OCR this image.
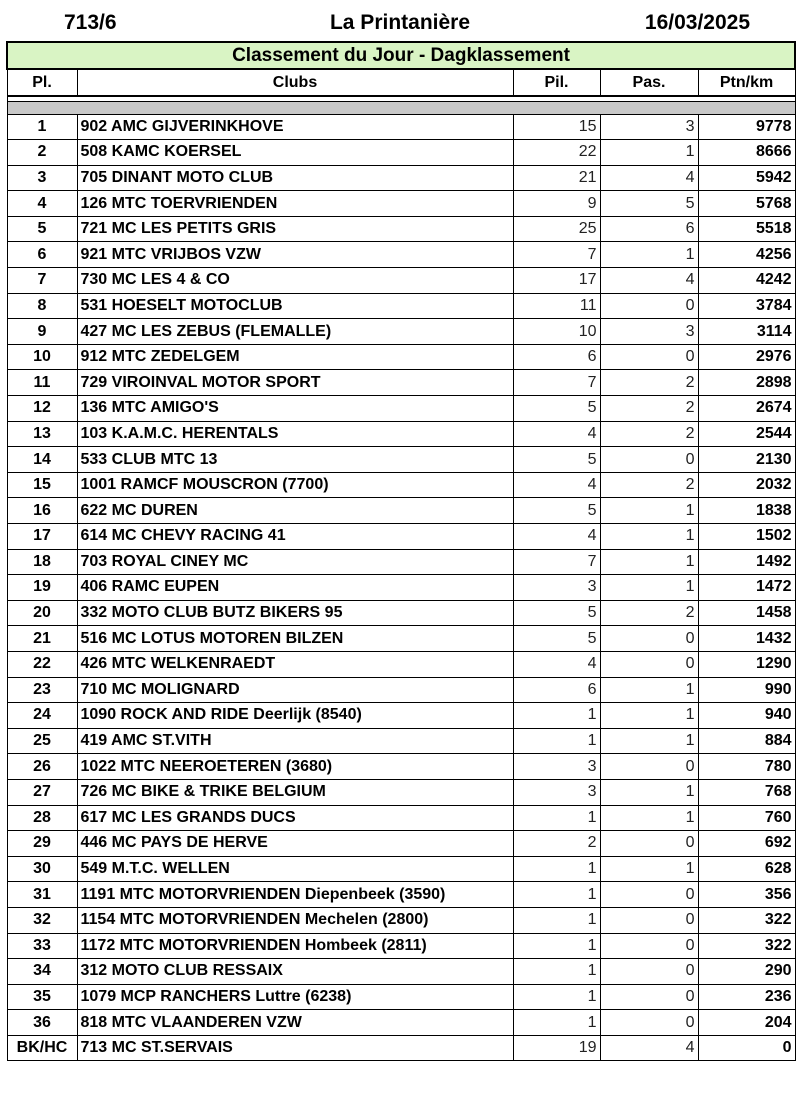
La Printanière
713/6	16/03/2025
Classement du Jour - Dagklassement				
Pl.	Clubs	Pil.	Pas.	Ptn/km

1	902 AMC GIJVERINKHOVE	15	3	9778
2	508 KAMC KOERSEL	22	1	8666
3	705 DINANT MOTO CLUB	21	4	5942
4	126 MTC TOERVRIENDEN	9	5	5768
5	721 MC LES PETITS GRIS	25	6	5518
6	921 MTC VRIJBOS VZW	7	1	4256
7	730 MC LES 4 & CO	17	4	4242
8	531 HOESELT MOTOCLUB	11	0	3784
9	427 MC LES ZEBUS (FLEMALLE)	10	3	3114
10	912 MTC ZEDELGEM	6	0	2976
11	729 VIROINVAL MOTOR SPORT	7	2	2898
12	136 MTC AMIGO'S	5	2	2674
13	103 K.A.M.C. HERENTALS	4	2	2544
14	533 CLUB MTC 13	5	0	2130
15	1001 RAMCF MOUSCRON (7700)	4	2	2032
16	622 MC DUREN	5	1	1838
17	614 MC CHEVY RACING 41	4	1	1502
18	703 ROYAL CINEY MC	7	1	1492
19	406 RAMC EUPEN	3	1	1472
20	332 MOTO CLUB BUTZ BIKERS 95	5	2	1458
21	516 MC LOTUS MOTOREN BILZEN	5	0	1432
22	426 MTC WELKENRAEDT	4	0	1290
23	710 MC MOLIGNARD	6	1	990
24	1090 ROCK AND RIDE Deerlijk (8540)	1	1	940
25	419 AMC ST.VITH	1	1	884
26	1022 MTC NEEROETEREN (3680)	3	0	780
27	726 MC BIKE & TRIKE BELGIUM	3	1	768
28	617 MC LES GRANDS DUCS	1	1	760
29	446 MC PAYS DE HERVE	2	0	692
30	549 M.T.C. WELLEN	1	1	628
31	1191 MTC MOTORVRIENDEN Diepenbeek (3590)	1	0	356
32	1154 MTC MOTORVRIENDEN Mechelen (2800)	1	0	322
33	1172 MTC MOTORVRIENDEN Hombeek (2811)	1	0	322
34	312 MOTO CLUB RESSAIX	1	0	290
35	1079 MCP RANCHERS Luttre (6238)	1	0	236
36	818 MTC VLAANDEREN VZW	1	0	204
BK/HC	713 MC ST.SERVAIS	19	4	0
